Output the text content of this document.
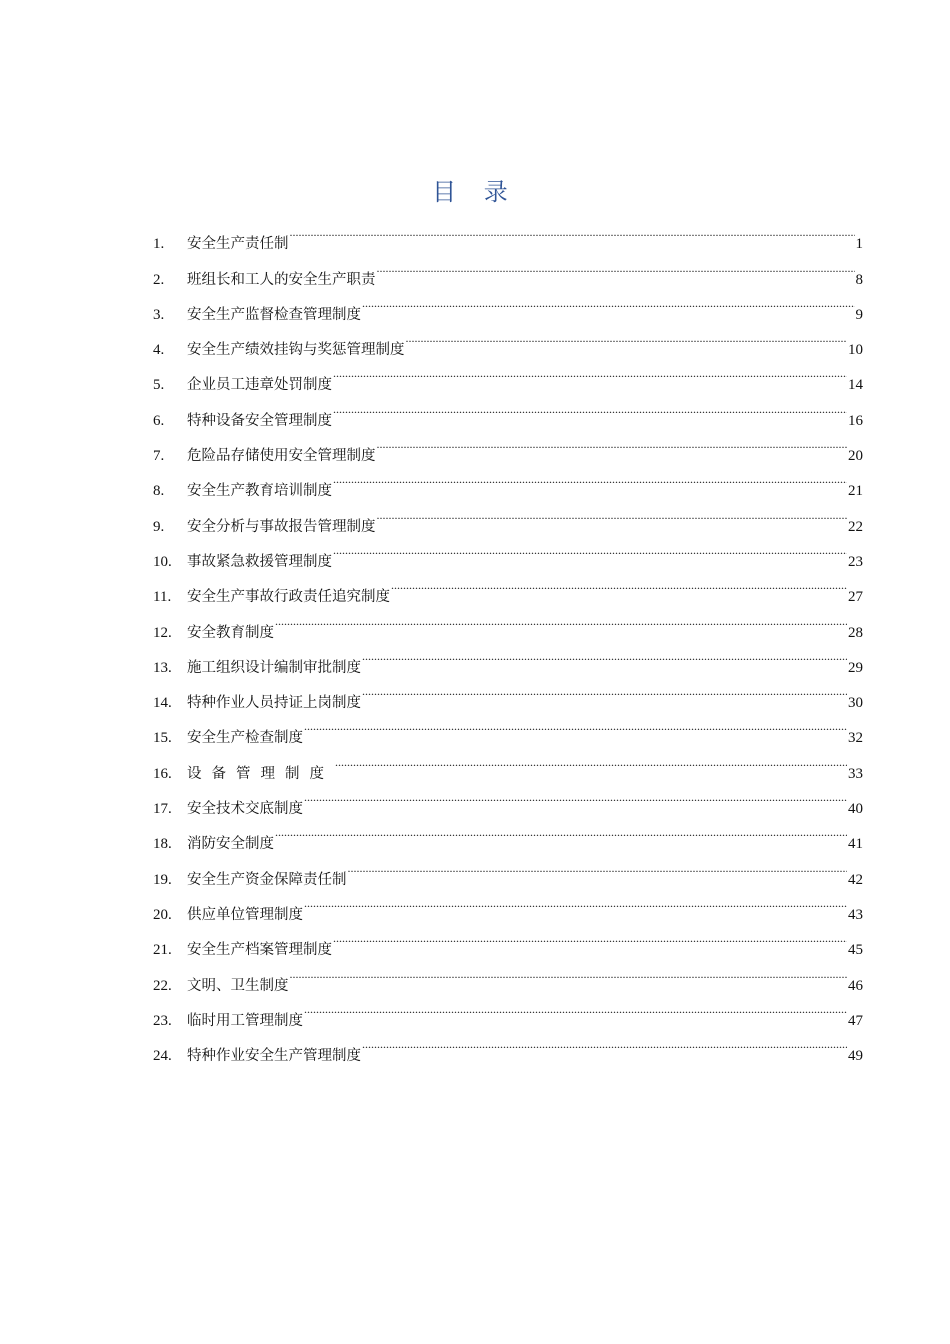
目 录
1.	安全生产责任制 .....	1
2.	班组长和工人的安全生产职责 .....	8
3.	安全生产监督检查管理制度 .....	9
4.	安全生产绩效挂钩与奖惩管理制度 .....	10
5.	企业员工违章处罚制度 .....	14
6.	特种设备安全管理制度 .....	16
7.	危险品存储使用安全管理制度 .....	20
8.	安全生产教育培训制度 .....	21
9.	安全分析与事故报告管理制度 .....	22
10.	事故紧急救援管理制度 .....	23
11.	安全生产事故行政责任追究制度 .....	27
12.	安全教育制度 .....	28
13.	施工组织设计编制审批制度 .....	29
14.	特种作业人员持证上岗制度 .....	30
15.	安全生产检查制度 .....	32
16.	设备管理制度 .....	33
17.	安全技术交底制度 .....	40
18.	消防安全制度 .....	41
19.	安全生产资金保障责任制 .....	42
20.	供应单位管理制度 .....	43
21.	安全生产档案管理制度 .....	45
22.	文明、卫生制度 .....	46
23.	临时用工管理制度 .....	47
24.	特种作业安全生产管理制度 .....	49
